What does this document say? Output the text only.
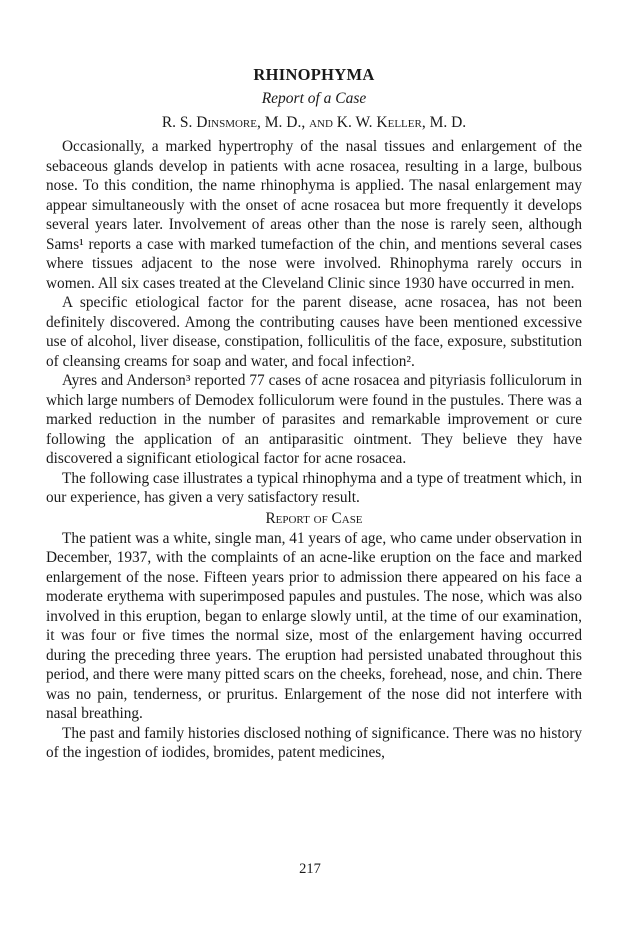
RHINOPHYMA
Report of a Case
R. S. Dinsmore, M. D., and K. W. Keller, M. D.

Occasionally, a marked hypertrophy of the nasal tissues and enlargement of the sebaceous glands develop in patients with acne rosacea, resulting in a large, bulbous nose. To this condition, the name rhinophyma is applied. The nasal enlargement may appear simultaneously with the onset of acne rosacea but more frequently it develops several years later. Involvement of areas other than the nose is rarely seen, although Sams¹ reports a case with marked tumefaction of the chin, and mentions several cases where tissues adjacent to the nose were involved. Rhinophyma rarely occurs in women. All six cases treated at the Cleveland Clinic since 1930 have occurred in men.

A specific etiological factor for the parent disease, acne rosacea, has not been definitely discovered. Among the contributing causes have been mentioned excessive use of alcohol, liver disease, constipation, folliculitis of the face, exposure, substitution of cleansing creams for soap and water, and focal infection².

Ayres and Anderson³ reported 77 cases of acne rosacea and pityriasis folliculorum in which large numbers of Demodex folliculorum were found in the pustules. There was a marked reduction in the number of parasites and remarkable improvement or cure following the application of an antiparasitic ointment. They believe they have discovered a significant etiological factor for acne rosacea.

The following case illustrates a typical rhinophyma and a type of treatment which, in our experience, has given a very satisfactory result.

Report of Case

The patient was a white, single man, 41 years of age, who came under observation in December, 1937, with the complaints of an acne-like eruption on the face and marked enlargement of the nose. Fifteen years prior to admission there appeared on his face a moderate erythema with superimposed papules and pustules. The nose, which was also involved in this eruption, began to enlarge slowly until, at the time of our examination, it was four or five times the normal size, most of the enlargement having occurred during the preceding three years. The eruption had persisted unabated throughout this period, and there were many pitted scars on the cheeks, forehead, nose, and chin. There was no pain, tenderness, or pruritus. Enlargement of the nose did not interfere with nasal breathing.

The past and family histories disclosed nothing of significance. There was no history of the ingestion of iodides, bromides, patent medicines,

217
